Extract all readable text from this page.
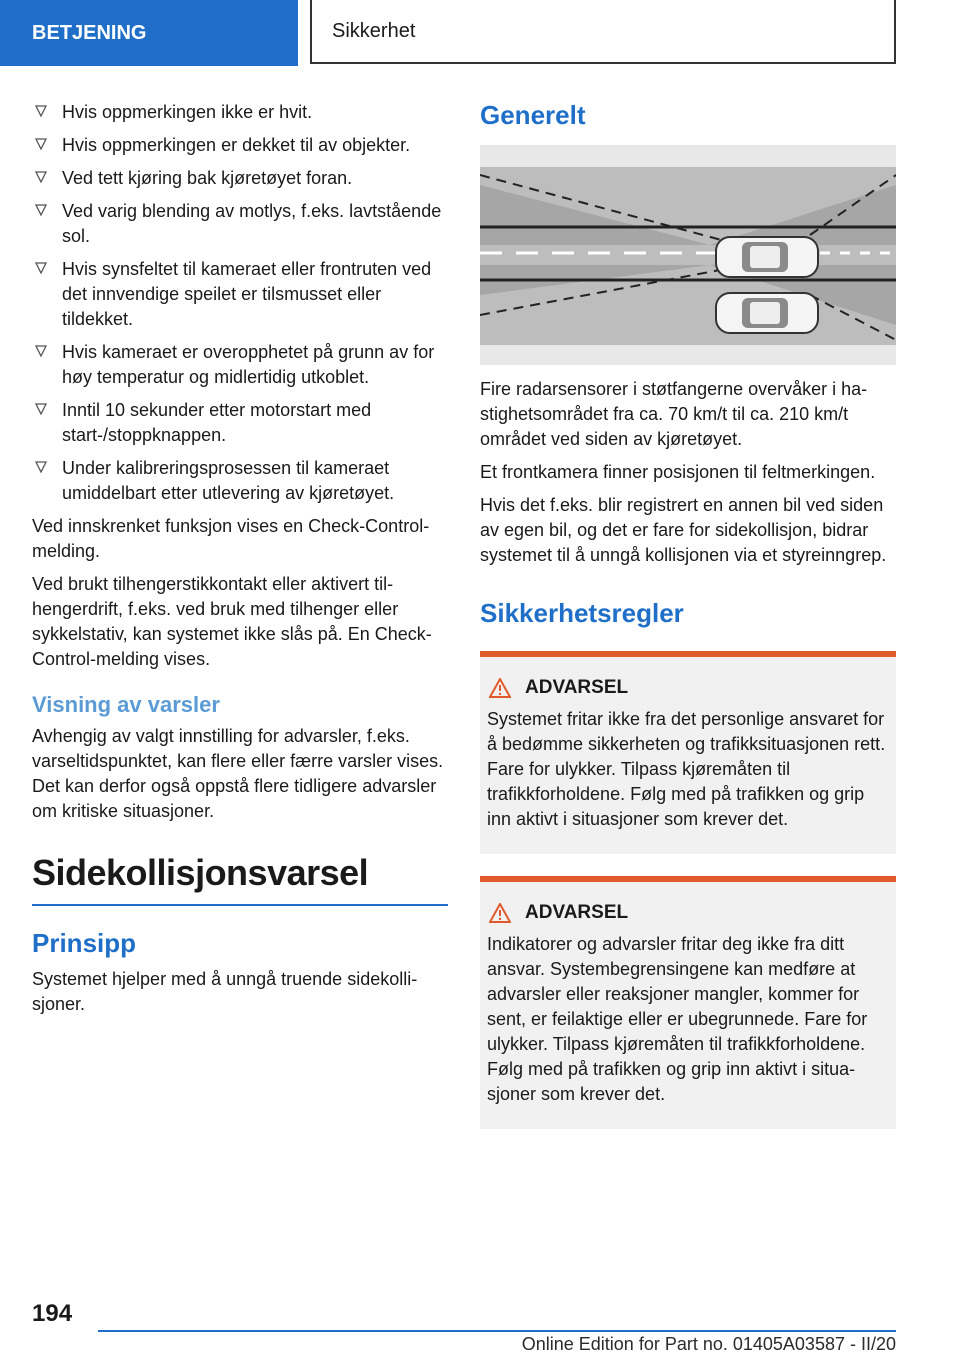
BETJENING	Sikkerhet
Hvis oppmerkingen ikke er hvit.
Hvis oppmerkingen er dekket til av objekter.
Ved tett kjøring bak kjøretøyet foran.
Ved varig blending av motlys, f.eks. lavtstående sol.
Hvis synsfeltet til kameraet eller frontruten ved det innvendige speilet er tilsmusset eller tildekket.
Hvis kameraet er overopphetet på grunn av for høy temperatur og midlertidig utkoblet.
Inntil 10 sekunder etter motorstart med start-/stoppknappen.
Under kalibreringsprosessen til kameraet umiddelbart etter utlevering av kjøretøyet.

Ved innskrenket funksjon vises en Check-Control-melding.

Ved brukt tilhengerstikkontakt eller aktivert tilhengerdrift, f.eks. ved bruk med tilhenger eller sykkelstativ, kan systemet ikke slås på. En Check-Control-melding vises.

Visning av varsler

Avhengig av valgt innstilling for advarsler, f.eks. varseltidspunktet, kan flere eller færre varsler vises. Det kan derfor også oppstå flere tidligere advarsler om kritiske situasjoner.

Sidekollisjonsvarsel
Prinsipp

Systemet hjelper med å unngå truende sidekollisjoner.

Generelt

Fire radarsensorer i støtfangerne overvåker i hastighetsområdet fra ca. 70 km/t til ca. 210 km/t området ved siden av kjøretøyet.

Et frontkamera finner posisjonen til feltmerkingen.

Hvis det f.eks. blir registrert en annen bil ved siden av egen bil, og det er fare for sidekollisjon, bidrar systemet til å unngå kollisjonen via et styreinngrep.

Sikkerhetsregler
ADVARSEL
Systemet fritar ikke fra det personlige ansvaret for å bedømme sikkerheten og trafikksituasjonen rett. Fare for ulykker. Tilpass kjøremåten til trafikkforholdene. Følg med på trafikken og grip inn aktivt i situasjoner som krever det.
ADVARSEL
Indikatorer og advarsler fritar deg ikke fra ditt ansvar. Systembegrensingene kan medføre at advarsler eller reaksjoner mangler, kommer for sent, er feilaktige eller er ubegrunnede. Fare for ulykker. Tilpass kjøremåten til trafikkforholdene. Følg med på trafikken og grip inn aktivt i situasjoner som krever det.
194
Online Edition for Part no. 01405A03587 - II/20
